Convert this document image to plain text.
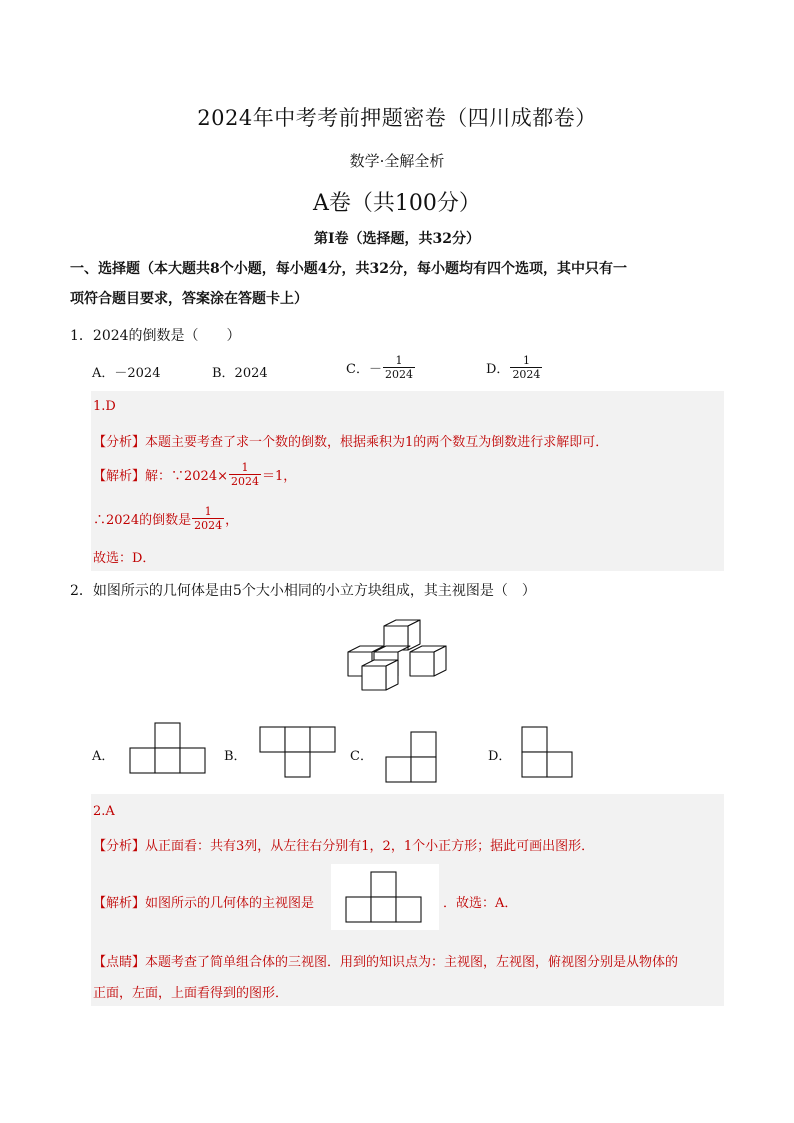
2024年中考考前押题密卷（四川成都卷）
数学·全解全析
A卷（共100分）
第Ⅰ卷（选择题，共32分）
一、选择题（本大题共8个小题，每小题4分，共32分，每小题均有四个选项，其中只有一
项符合题目要求，答案涂在答题卡上）
1．2024的倒数是（　　）
A．－2024	B．2024	C．－ $\frac{1}{2024}$	D． $\frac{1}{2024}$
1.D
【分析】本题主要考查了求一个数的倒数，根据乘积为1的两个数互为倒数进行求解即可．
【解析】解：∵2024× $\frac{1}{2024} =1$，
∴2024的倒数是 $\frac{1}{2024}$ ，
故选：D．
2．如图所示的几何体是由5个大小相同的小立方块组成，其主视图是（　）
A．	B．	C．	D．
2.A
【分析】从正面看：共有3列，从左往右分别有1，2，1个小正方形；据此可画出图形．
【解析】如图所示的几何体的主视图是	．故选：A．
【点睛】本题考查了简单组合体的三视图．用到的知识点为：主视图，左视图，俯视图分别是从物体的
正面，左面，上面看得到的图形．
